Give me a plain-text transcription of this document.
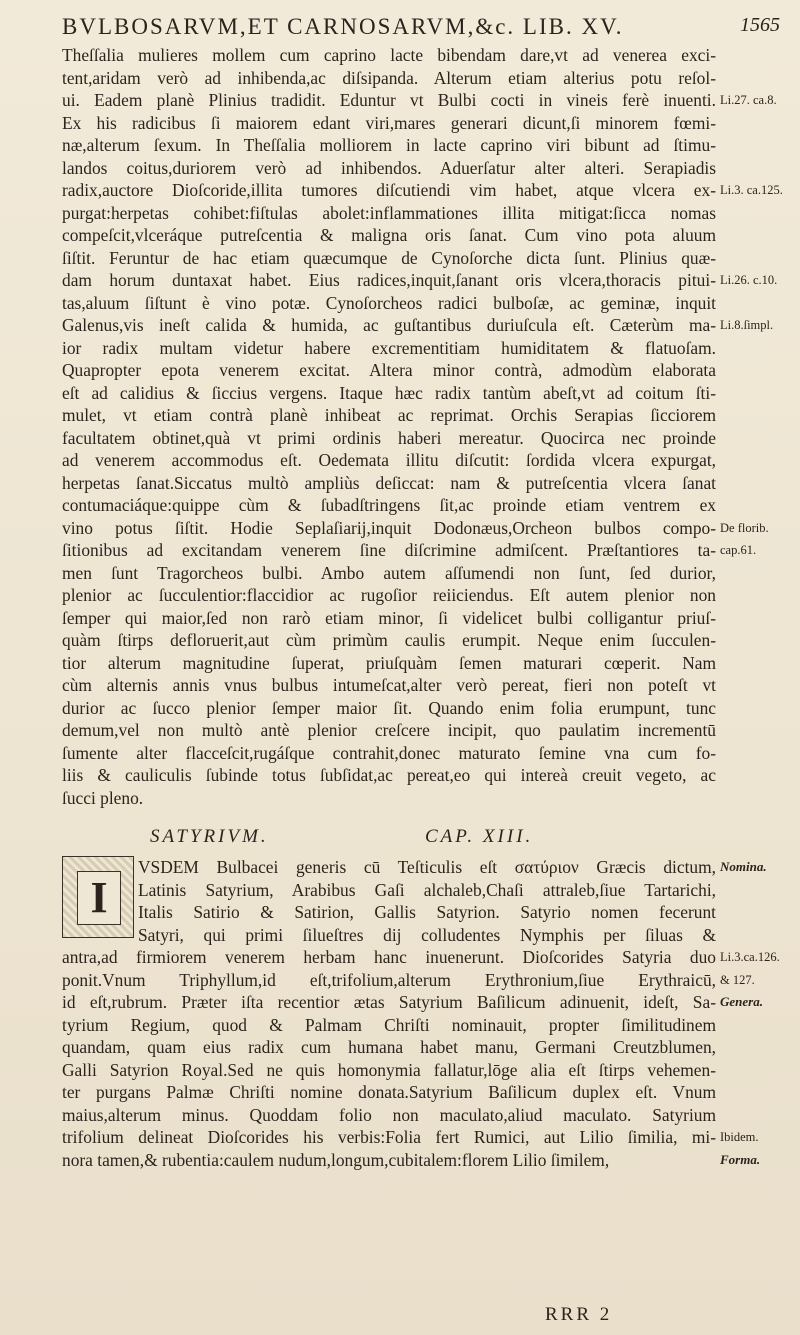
BVLBOSARVM,ET CARNOSARVM,&c. LIB. XV.	1565
Theſſalia mulieres mollem cum caprino lacte bibendam dare,vt ad venerea exci-
tent,aridam verò ad inhibenda,ac diſsipanda. Alterum etiam alterius potu reſol-
ui. Eadem planè Plinius tradidit. Eduntur vt Bulbi cocti in vineis ferè inuenti.
Ex his radicibus ſi maiorem edant viri,mares generari dicunt,ſi minorem fœmi-
næ,alterum ſexum. In Theſſalia molliorem in lacte caprino viri bibunt ad ſtimu-
landos coitus,duriorem verò ad inhibendos. Aduerſatur alter alteri. Serapiadis
radix,auctore Dioſcoride,illita tumores diſcutiendi vim habet, atque vlcera ex-
purgat:herpetas cohibet:fiſtulas abolet:inflammationes illita mitigat:ſicca nomas
compeſcit,vlceráque putreſcentia & maligna oris ſanat. Cum vino pota aluum
ſiſtit. Feruntur de hac etiam quæcumque de Cynoſorche dicta ſunt. Plinius quæ-
dam horum duntaxat habet. Eius radices,inquit,ſanant oris vlcera,thoracis pitui-
tas,aluum ſiſtunt è vino potæ. Cynoſorcheos radici bulboſæ, ac geminæ, inquit
Galenus,vis ineſt calida & humida, ac guſtantibus duriuſcula eſt. Cæterùm ma-
ior radix multam videtur habere excrementitiam humiditatem & flatuoſam.
Quapropter epota venerem excitat. Altera minor contrà, admodùm elaborata
eſt ad calidius & ſiccius vergens. Itaque hæc radix tantùm abeſt,vt ad coitum ſti-
mulet, vt etiam contrà planè inhibeat ac reprimat. Orchis Serapias ſicciorem
facultatem obtinet,quà vt primi ordinis haberi mereatur. Quocirca nec proinde
ad venerem accommodus eſt. Oedemata illitu diſcutit: ſordida vlcera expurgat,
herpetas ſanat.Siccatus multò ampliùs deſiccat: nam & putreſcentia vlcera ſanat
contumaciáque:quippe cùm & ſubadſtringens ſit,ac proinde etiam ventrem ex
vino potus ſiſtit. Hodie Seplaſiarij,inquit Dodonæus,Orcheon bulbos compo-
ſitionibus ad excitandam venerem ſine diſcrimine admiſcent. Præſtantiores ta-
men ſunt Tragorcheos bulbi. Ambo autem aſſumendi non ſunt, ſed durior,
plenior ac ſucculentior:flaccidior ac rugoſior reiiciendus. Eſt autem plenior non
ſemper qui maior,ſed non rarò etiam minor, ſi videlicet bulbi colligantur priuſ-
quàm ſtirps defloruerit,aut cùm primùm caulis erumpit. Neque enim ſucculen-
tior alterum magnitudine ſuperat, priuſquàm ſemen maturari cœperit. Nam
cùm alternis annis vnus bulbus intumeſcat,alter verò pereat, fieri non poteſt vt
durior ac ſucco plenior ſemper maior ſit. Quando enim folia erumpunt, tunc
demum,vel non multò antè plenior creſcere incipit, quo paulatim incrementū
ſumente alter flacceſcit,rugáſque contrahit,donec maturato ſemine vna cum fo-
liis & cauliculis ſubinde totus ſubſidat,ac pereat,eo qui intereà creuit vegeto, ac
ſucci pleno.
Li.27. ca.8.
Li.3. ca.125.
Li.26. c.10.
Li.8.ſimpl.
De florib.
cap.61.
SATYRIVM.	CAP. XIII.
I
VSDEM Bulbacei generis cū Teſticulis eſt σατύριον Græcis dictum,
Latinis Satyrium, Arabibus Gaſi alchaleb,Chaſi attraleb,ſiue Tartarichi,
Italis Satirio & Satirion, Gallis Satyrion. Satyrio nomen fecerunt
Satyri, qui primi ſilueſtres dij colludentes Nymphis per ſiluas &
antra,ad firmiorem venerem herbam hanc inuenerunt. Dioſcorides Satyria duo
ponit.Vnum Triphyllum,id eſt,trifolium,alterum Erythronium,ſiue Erythraicū,
id eſt,rubrum. Præter iſta recentior ætas Satyrium Baſilicum adinuenit, ideſt, Sa-
tyrium Regium, quod & Palmam Chriſti nominauit, propter ſimilitudinem
quandam, quam eius radix cum humana habet manu, Germani Creutzblumen,
Galli Satyrion Royal.Sed ne quis homonymia fallatur,lōge alia eſt ſtirps vehemen-
ter purgans Palmæ Chriſti nomine donata.Satyrium Baſilicum duplex eſt. Vnum
maius,alterum minus. Quoddam folio non maculato,aliud maculato. Satyrium
trifolium delineat Dioſcorides his verbis:Folia fert Rumici, aut Lilio ſimilia, mi-
nora tamen,& rubentia:caulem nudum,longum,cubitalem:florem Lilio ſimilem,
Nomina.
Li.3.ca.126.
& 127.
Genera.
Ibidem.
Forma.
RRR 2
